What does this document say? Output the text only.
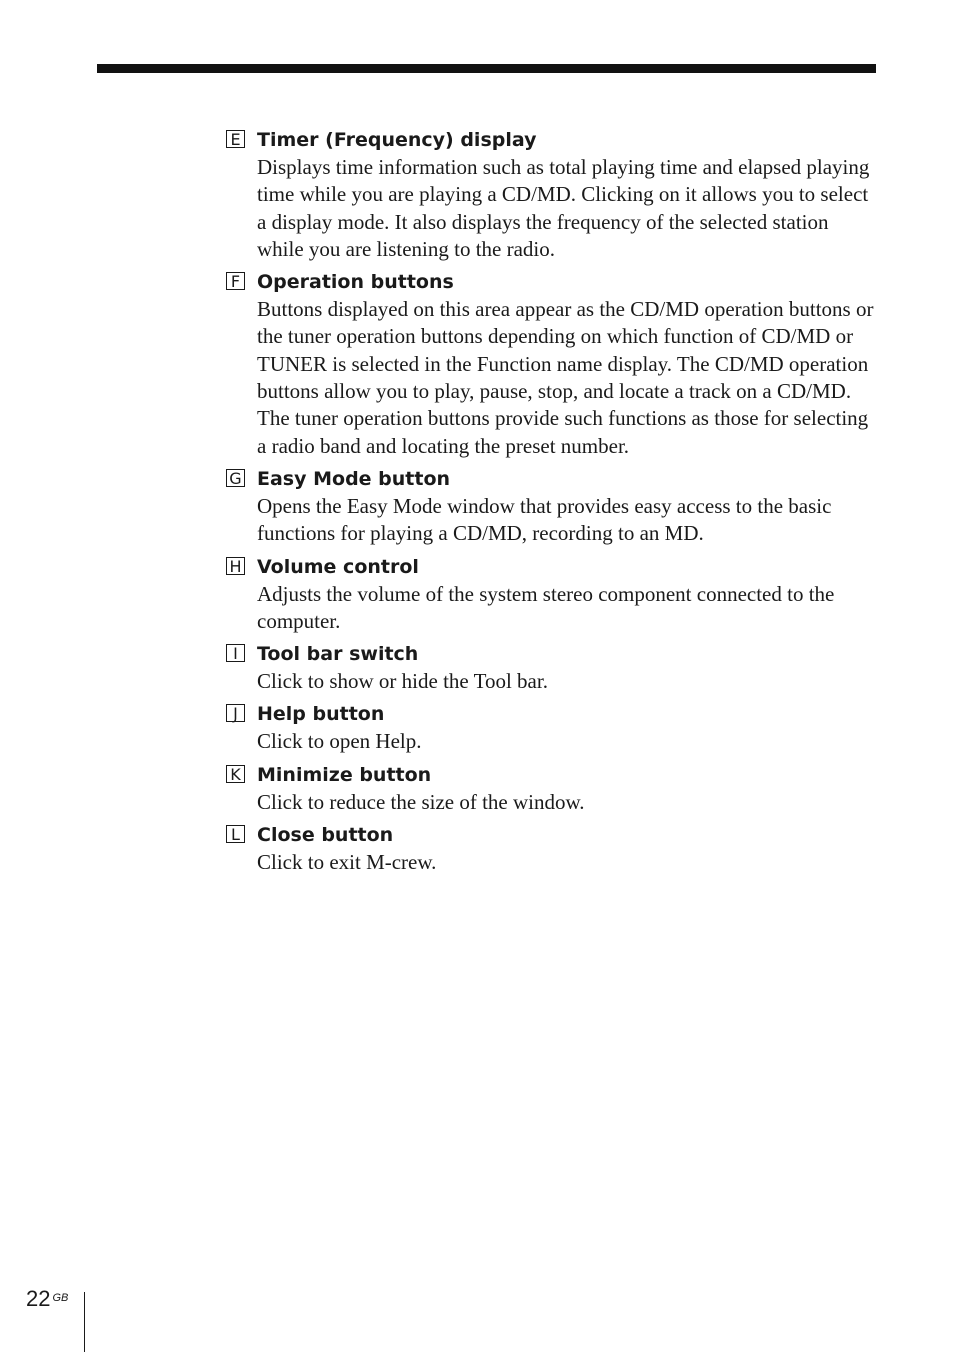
E Timer (Frequency) display

Displays time information such as total playing time and elapsed playing time while you are playing a CD/MD. Clicking on it allows you to select a display mode. It also displays the frequency of the selected station while you are listening to the radio.

F Operation buttons

Buttons displayed on this area appear as the CD/MD operation buttons or the tuner operation buttons depending on which function of CD/MD or TUNER is selected in the Function name display. The CD/MD operation buttons allow you to play, pause, stop, and locate a track on a CD/MD. The tuner operation buttons provide such functions as those for selecting a radio band and locating the preset number.

G Easy Mode button

Opens the Easy Mode window that provides easy access to the basic functions for playing a CD/MD, recording to an MD.

H Volume control

Adjusts the volume of the system stereo component connected to the computer.

I	Tool bar switch

Click to show or hide the Tool bar.

J	Help button

Click to open Help.

K Minimize button

Click to reduce the size of the window.

L Close button

Click to exit M-crew.

22 $^{GB}$
